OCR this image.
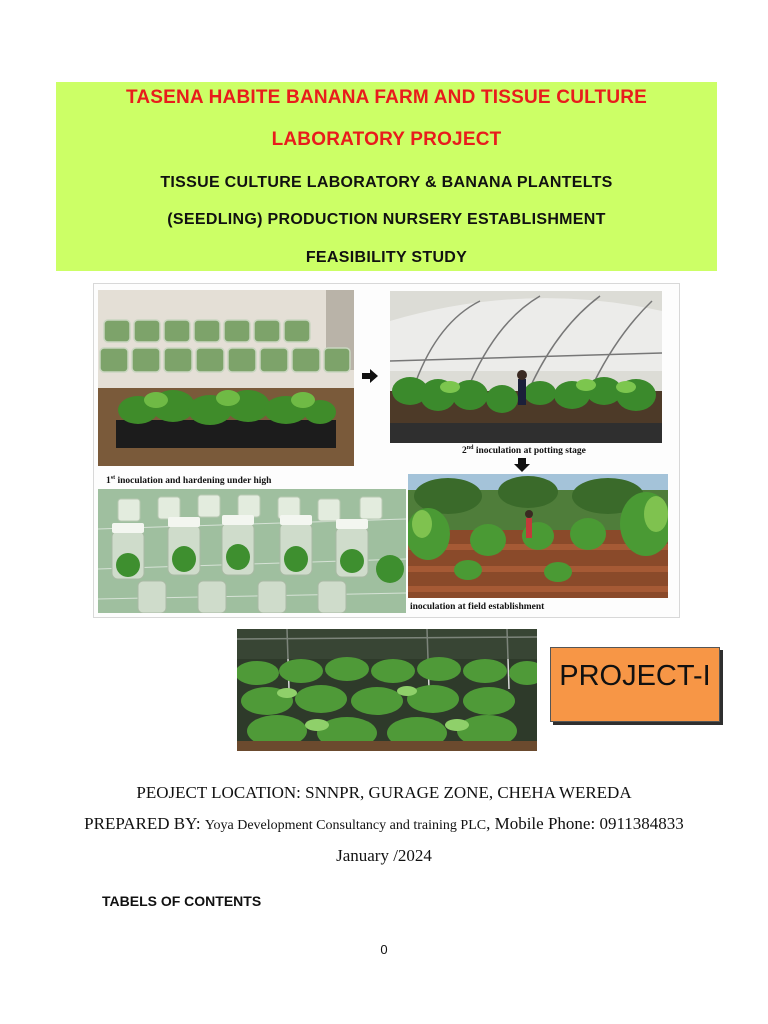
TASENA HABITE BANANA FARM AND TISSUE CULTURE
LABORATORY PROJECT
TISSUE CULTURE LABORATORY & BANANA PLANTELTS
(SEEDLING) PRODUCTION NURSERY ESTABLISHMENT
FEASIBILITY STUDY
2nd inoculation at potting stage
1st inoculation and hardening under high
inoculation at field establishment
PROJECT-I
PEOJECT LOCATION: SNNPR, GURAGE ZONE, CHEHA WEREDA
PREPARED BY: Yoya Development Consultancy and training PLC, Mobile Phone: 0911384833
January /2024
TABELS OF CONTENTS
0
